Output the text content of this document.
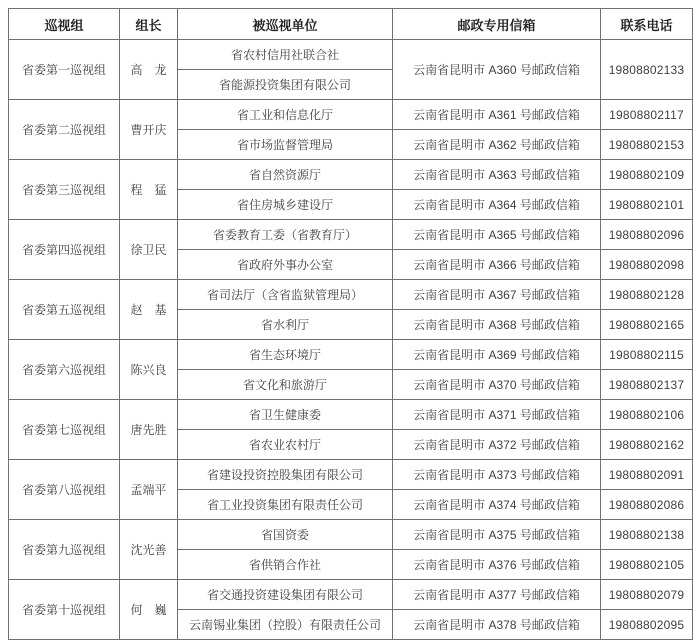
巡视组	组长	被巡视单位	邮政专用信箱	联系电话
省委第一巡视组	高　龙	省农村信用社联合社	云南省昆明市 A360 号邮政信箱	19808802133
		省能源投资集团有限公司		
省委第二巡视组	曹开庆	省工业和信息化厅	云南省昆明市 A361 号邮政信箱	19808802117
		省市场监督管理局	云南省昆明市 A362 号邮政信箱	19808802153
省委第三巡视组	程　猛	省自然资源厅	云南省昆明市 A363 号邮政信箱	19808802109
		省住房城乡建设厅	云南省昆明市 A364 号邮政信箱	19808802101
省委第四巡视组	徐卫民	省委教育工委（省教育厅）	云南省昆明市 A365 号邮政信箱	19808802096
		省政府外事办公室	云南省昆明市 A366 号邮政信箱	19808802098
省委第五巡视组	赵　基	省司法厅（含省监狱管理局）	云南省昆明市 A367 号邮政信箱	19808802128
		省水利厅	云南省昆明市 A368 号邮政信箱	19808802165
省委第六巡视组	陈兴良	省生态环境厅	云南省昆明市 A369 号邮政信箱	19808802115
		省文化和旅游厅	云南省昆明市 A370 号邮政信箱	19808802137
省委第七巡视组	唐先胜	省卫生健康委	云南省昆明市 A371 号邮政信箱	19808802106
		省农业农村厅	云南省昆明市 A372 号邮政信箱	19808802162
省委第八巡视组	孟端平	省建设投资控股集团有限公司	云南省昆明市 A373 号邮政信箱	19808802091
		省工业投资集团有限责任公司	云南省昆明市 A374 号邮政信箱	19808802086
省委第九巡视组	沈光善	省国资委	云南省昆明市 A375 号邮政信箱	19808802138
		省供销合作社	云南省昆明市 A376 号邮政信箱	19808802105
省委第十巡视组	何　巍	省交通投资建设集团有限公司	云南省昆明市 A377 号邮政信箱	19808802079
		云南锡业集团（控股）有限责任公司	云南省昆明市 A378 号邮政信箱	19808802095
